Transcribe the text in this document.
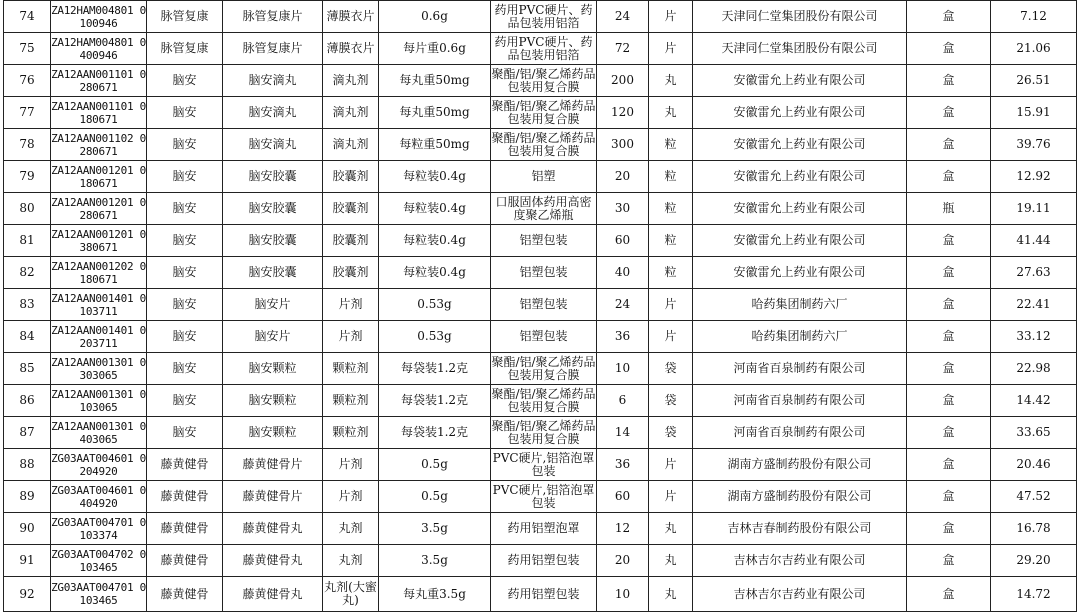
74	ZA12HAM004801 0100946	脉管复康	脉管复康片	薄膜衣片	0.6g	药用PVC硬片、药品包装用铝箔	24	片	天津同仁堂集团股份有限公司	盒	7.12
75	ZA12HAM004801 0400946	脉管复康	脉管复康片	薄膜衣片	每片重0.6g	药用PVC硬片、药品包装用铝箔	72	片	天津同仁堂集团股份有限公司	盒	21.06
76	ZA12AAN001101 0280671	脑安	脑安滴丸	滴丸剂	每丸重50mg	聚酯/铝/聚乙烯药品包装用复合膜	200	丸	安徽雷允上药业有限公司	盒	26.51
77	ZA12AAN001101 0180671	脑安	脑安滴丸	滴丸剂	每丸重50mg	聚酯/铝/聚乙烯药品包装用复合膜	120	丸	安徽雷允上药业有限公司	盒	15.91
78	ZA12AAN001102 0280671	脑安	脑安滴丸	滴丸剂	每粒重50mg	聚酯/铝/聚乙烯药品包装用复合膜	300	粒	安徽雷允上药业有限公司	盒	39.76
79	ZA12AAN001201 0180671	脑安	脑安胶囊	胶囊剂	每粒装0.4g	铝塑	20	粒	安徽雷允上药业有限公司	盒	12.92
80	ZA12AAN001201 0280671	脑安	脑安胶囊	胶囊剂	每粒装0.4g	口服固体药用高密度聚乙烯瓶	30	粒	安徽雷允上药业有限公司	瓶	19.11
81	ZA12AAN001201 0380671	脑安	脑安胶囊	胶囊剂	每粒装0.4g	铝塑包装	60	粒	安徽雷允上药业有限公司	盒	41.44
82	ZA12AAN001202 0180671	脑安	脑安胶囊	胶囊剂	每粒装0.4g	铝塑包装	40	粒	安徽雷允上药业有限公司	盒	27.63
83	ZA12AAN001401 0103711	脑安	脑安片	片剂	0.53g	铝塑包装	24	片	哈药集团制药六厂	盒	22.41
84	ZA12AAN001401 0203711	脑安	脑安片	片剂	0.53g	铝塑包装	36	片	哈药集团制药六厂	盒	33.12
85	ZA12AAN001301 0303065	脑安	脑安颗粒	颗粒剂	每袋装1.2克	聚酯/铝/聚乙烯药品包装用复合膜	10	袋	河南省百泉制药有限公司	盒	22.98
86	ZA12AAN001301 0103065	脑安	脑安颗粒	颗粒剂	每袋装1.2克	聚酯/铝/聚乙烯药品包装用复合膜	6	袋	河南省百泉制药有限公司	盒	14.42
87	ZA12AAN001301 0403065	脑安	脑安颗粒	颗粒剂	每袋装1.2克	聚酯/铝/聚乙烯药品包装用复合膜	14	袋	河南省百泉制药有限公司	盒	33.65
88	ZG03AAT004601 0204920	藤黄健骨	藤黄健骨片	片剂	0.5g	PVC硬片,铝箔泡罩包装	36	片	湖南方盛制药股份有限公司	盒	20.46
89	ZG03AAT004601 0404920	藤黄健骨	藤黄健骨片	片剂	0.5g	PVC硬片,铝箔泡罩包装	60	片	湖南方盛制药股份有限公司	盒	47.52
90	ZG03AAT004701 0103374	藤黄健骨	藤黄健骨丸	丸剂	3.5g	药用铝塑泡罩	12	丸	吉林吉春制药股份有限公司	盒	16.78
91	ZG03AAT004702 0103465	藤黄健骨	藤黄健骨丸	丸剂	3.5g	药用铝塑包装	20	丸	吉林吉尔吉药业有限公司	盒	29.20
92	ZG03AAT004701 0103465	藤黄健骨	藤黄健骨丸	丸剂(大蜜丸)	每丸重3.5g	药用铝塑包装	10	丸	吉林吉尔吉药业有限公司	盒	14.72
